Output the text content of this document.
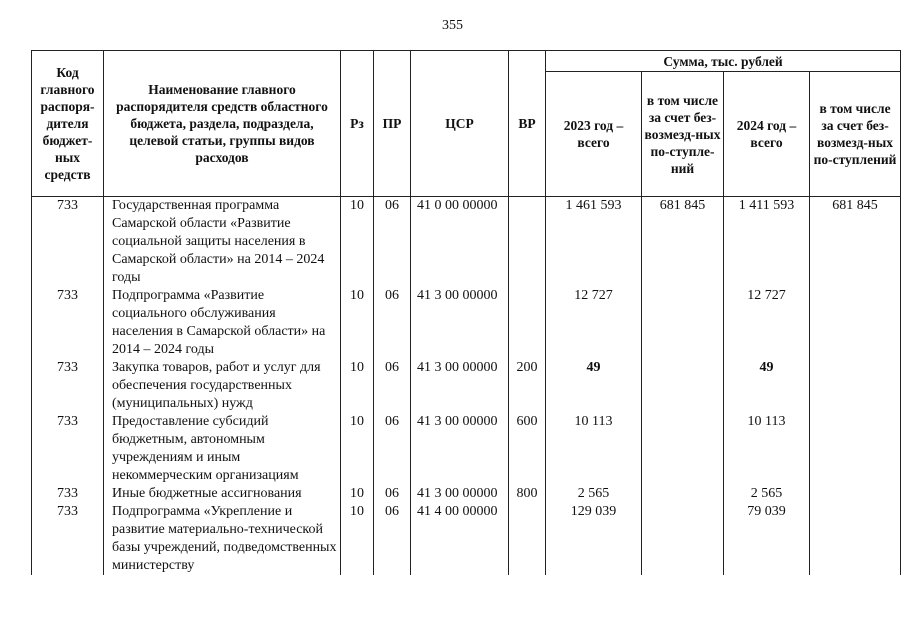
355
Код главного распоря-дителя бюджет-ных средств	Наименование главного распорядителя средств областного бюджета, раздела, подраздела, целевой статьи, группы видов расходов	Рз	ПР	ЦСР	ВР	Сумма, тыс. рублей			
						2023 год – всего	в том числе за счет без-возмезд-ных по-ступле-ний	2024 год – всего	в том числе за счет без-возмезд-ных по-ступлений
733	Государственная программа Самарской области «Развитие социальной защиты населения в Самарской области» на 2014 – 2024 годы	10	06	41 0 00 00000		1 461 593	681 845	1 411 593	681 845
733	Подпрограмма «Развитие социального обслуживания населения в Самарской области» на 2014 – 2024 годы	10	06	41 3 00 00000		12 727		12 727	
733	Закупка товаров, работ и услуг для обеспечения государственных (муниципальных) нужд	10	06	41 3 00 00000	200	49		49	
733	Предоставление субсидий бюджетным, автономным учреждениям и иным некоммерческим организациям	10	06	41 3 00 00000	600	10 113		10 113	
733	Иные бюджетные ассигнования	10	06	41 3 00 00000	800	2 565		2 565	
733	Подпрограмма «Укрепление и развитие материально-технической базы учреждений, подведомственных министерству	10	06	41 4 00 00000		129 039		79 039	
